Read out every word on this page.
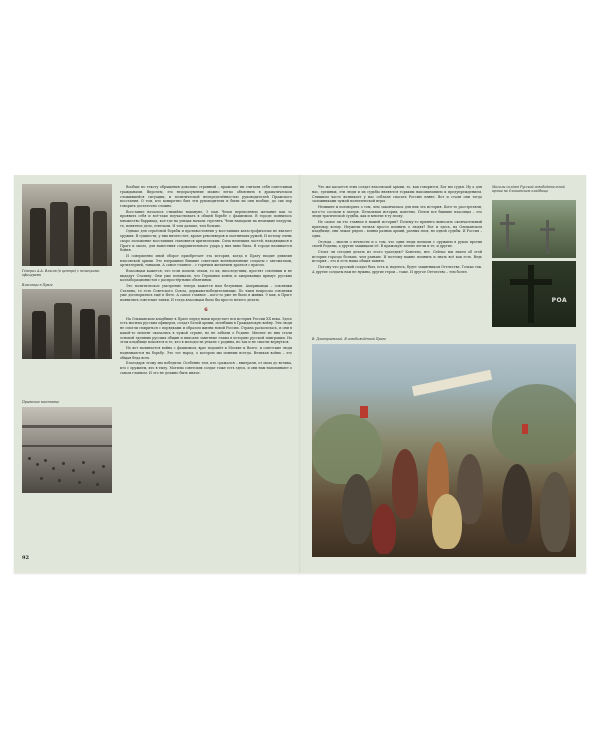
Генерал А.А. Власов (в центре) с немецкими офицерами
Власовцы в Праге
Пражское восстание

Вообще по тексту обращения довольно странный – пражские ни считали себя советскими гражданами. Впрочем, это недоразумение можно легко объяснить в драматическом сложившейся ситуации, и политической неопределённостью руководителей Пражского восстания. О том, кто конкретно был эти руководители и были ли они вообще, до сих пор говорить достаточно сложно.

Восстание началось стихийно накануне, 5 мая. Чехов переполняло желание как то проявить себя и всё-таки поучаствовать в общей борьбе с фашизмом. В городе появилось множество баррикад, кое-где на улицах начали стрелять. Чехи нападали на немецкие патрули, те, понятное дело, отвечали. И чем дальше, тем больше.

Однако для серьёзной борьбы и противостояния у восставших катастрофически не хватает оружия. В сущности, у них ничего нет, кроме револьверов и охотничьих ружей. И потому очень скоро положение восставших становится критическим. Сила немецких частей, находящихся в Праге и около, для нанесения сокрушительного удара у них явно была. В городе начинается бойня.

И совершенно иной оборот приобретает эта история, когда в Прагу входит дивизия власовской армии. Это вчерашние бывшие советские военнопленные солдаты с автоматами, артиллерией, танками. А самое главное – с горячим желанием драться с врагом.

Власовцам кажется, что если помочь чехам, то их, впоследствии, простят союзники и не выдадут Сталину. Они уже понимали, что Германии конец и американцы примут русских коллаборационистов с распростёртыми объятиями.

Это политическое умозрение теперь кажется нам безумным. Американцы – союзники Сталина, то есть Советского Союза, державы-победительницы. По чьим вопросам союзники уже договорились ещё в Ялте. А самое главное – кого-то уже не было в живых. 9 мая, в Праге появились советские танки. И тогда власовцам было бы просто нечего делать.

6

На Ольшанском кладбище в Праге перед нами предстает вся история России XX века. Здесь есть могилы русских офицеров, солдат Белой армии, погибших в Гражданскую войну. Эти люди не смогли смириться с порядками и образом жизни новой России. Страна раскололась, и они в какой-то момент оказались в чужой стране, но не забыли о Родине. Многие из них стали основой здешних русских общин и вписали заметные главы в историю русской эмиграции. На этом кладбище покоятся и те, кто в молодости уехали с родины, но так и не смогли вернуться.

Но вот начинается война с фашизмом, враг подошёл к Москве и Волге, и советские люди поднимаются на борьбу. Это тот народ, о котором мы помним всегда. Великая война – это общая беда всех.

Благодаря этому мы победили. Особенно тем, кто сражался – выиграли, от мала до велика, кто с оружием, кто в тылу. Могилы советских солдат тоже есть здесь, и они нам напоминают о самом главном. И это не должно быть иначе.

92

Что же касается этих солдат власовской армии, то, как говорится, Бог им судья. Ну а для нас, грешных, эти люди и их судьбы являются горьким напоминанием и предупреждением. Слишком часто возникает у нас соблазн спасать Россию извне. Вот и стали они тогда заложниками чужой политической игры.

Нелишне и поговорить о том, чем закончилась для них эта история. Кого-то расстреляли, кого-то сослали в лагеря. Печальная история, конечно. Почти все бывшие власовцы – это люди трагической судьбы, как и многие в ту эпоху.

Не самое ли это главное в нашей истории? Почему-то принято выносить окончательный приговор всему. Неужели нельзя просто помнить о людях? Вот и здесь, на Ольшанском кладбище, они лежат рядом – воины разных армий, разных эпох, но одной судьбы. И Россия – одна.

Отсюда – мысли о вечности и о том, что одни люди воевали с оружием в руках против своей Родины, а другие защищали её. В пражскую землю легли и те, и другие.

Стоит ли сегодня делать из этого трагедию? Конечно, нет. Сейчас мы знаем об этой истории гораздо больше, чем раньше. И поэтому важно помнить и знать всё как есть. Ведь история – это и есть наша общая память.

Потому что русский солдат был, есть и, надеюсь, будет защитником Отечества. Только так. А другие солдаты нам не нужны, другие герои – тоже. И другое Отечество – тем более.

Могилы солдат Русской освободительной армии на Ольшанском кладбище
РОА
В. Дмитриевский. В освобождённой Праге
